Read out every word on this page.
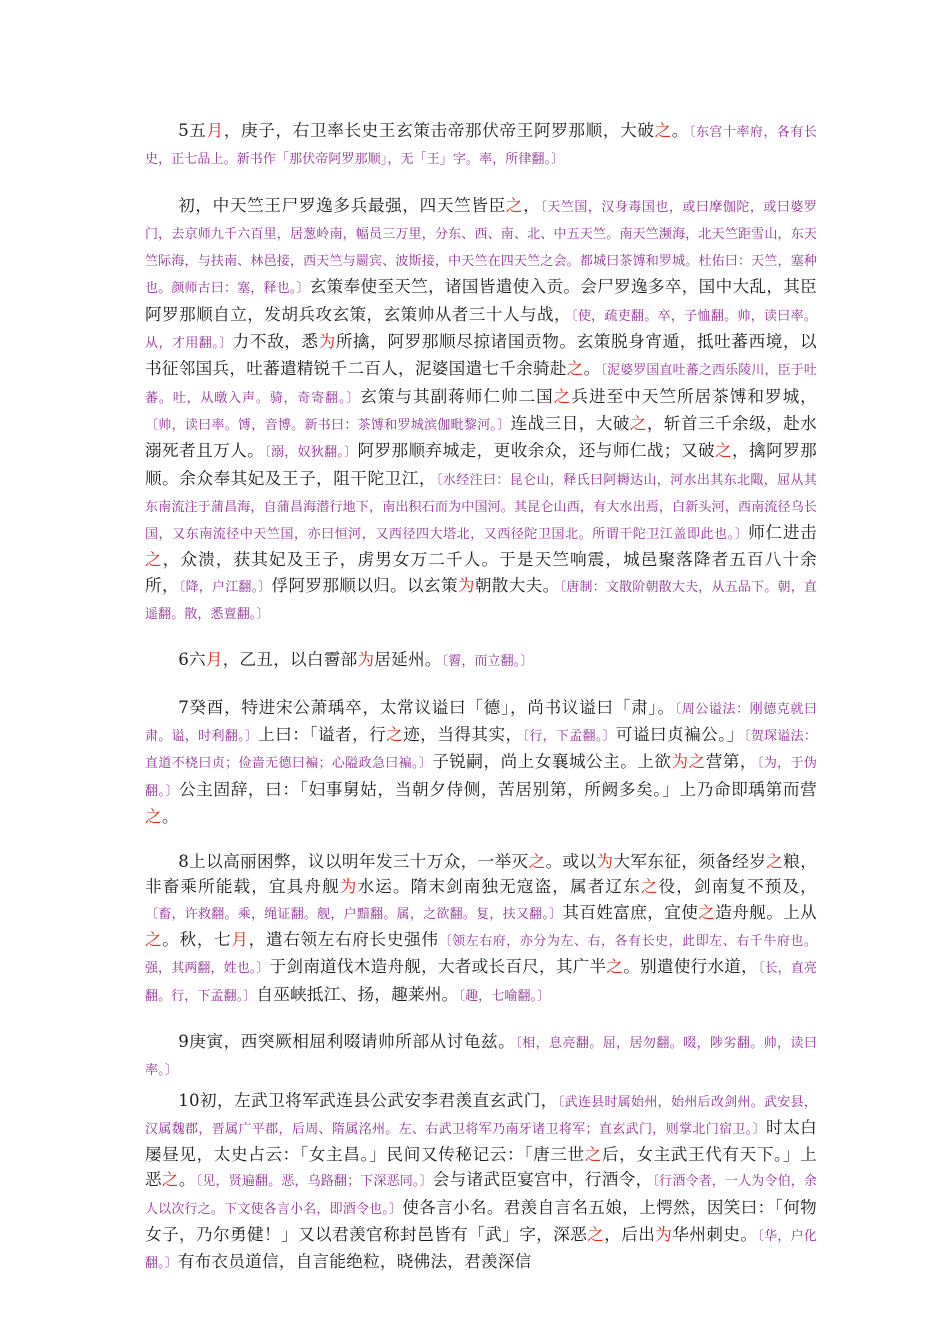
5五月，庚子，右卫率长史王玄策击帝那伏帝王阿罗那顺，大破之。〔东宫十率府，各有长史，正七品上。新书作「那伏帝阿罗那顺」，无「王」字。率，所律翻。〕

初，中天竺王尸罗逸多兵最强，四天竺皆臣之，〔天竺国，汉身毒国也，或曰摩伽陀，或曰婆罗门，去京师九千六百里，居葱岭南，幅员三万里，分东、西、南、北、中五天竺。南天竺濒海，北天竺距雪山，东天竺际海，与扶南、林邑接，西天竺与罽宾、波斯接，中天竺在四天竺之会。都城曰茶馎和罗城。杜佑曰：天竺，塞种也。颜师古曰：塞，释也。〕玄策奉使至天竺，诸国皆遣使入贡。会尸罗逸多卒，国中大乱，其臣阿罗那顺自立，发胡兵攻玄策，玄策帅从者三十人与战，〔使，疏吏翻。卒，子恤翻。帅，读曰率。从，才用翻。〕力不敌，悉为所擒，阿罗那顺尽掠诸国贡物。玄策脱身宵遁，抵吐蕃西境，以书征邻国兵，吐蕃遣精锐千二百人，泥婆国遣七千余骑赴之。〔泥婆罗国直吐蕃之西乐陵川，臣于吐蕃。吐，从暾入声。骑，奇寄翻。〕玄策与其副蒋师仁帅二国之兵进至中天竺所居茶馎和罗城，〔帅，读曰率。馎，音博。新书曰：茶馎和罗城滨伽毗黎河。〕连战三日，大破之，斩首三千余级，赴水溺死者且万人。〔溺，奴狄翻。〕阿罗那顺弃城走，更收余众，还与师仁战；又破之，擒阿罗那顺。余众奉其妃及王子，阻干陀卫江，〔水经注曰：昆仑山，释氏曰阿耨达山，河水出其东北陬，屈从其东南流注于蒲昌海，自蒲昌海潜行地下，南出积石而为中国河。其昆仑山西，有大水出焉，白新头河，西南流径乌长国，又东南流径中天竺国，亦曰恒河，又西径四大塔北，又西径陀卫国北。所谓干陀卫江盖即此也。〕师仁进击之，众溃，获其妃及王子，虏男女万二千人。于是天竺响震，城邑聚落降者五百八十余所，〔降，户江翻。〕俘阿罗那顺以归。以玄策为朝散大夫。〔唐制：文散阶朝散大夫，从五品下。朝，直遥翻。散，悉亶翻。〕

6六月，乙丑，以白霫部为居延州。〔霫，而立翻。〕

7癸酉，特进宋公萧瑀卒，太常议谥曰「德」，尚书议谥曰「肃」。〔周公谥法：刚德克就曰肃。谥，时利翻。〕上曰：「谥者，行之迹，当得其实，〔行，下孟翻。〕可谥曰贞褊公。」〔贺琛谥法：直道不桡曰贞；俭啬无德曰褊；心隘政急曰褊。〕子锐嗣，尚上女襄城公主。上欲为之营第，〔为，于伪翻。〕公主固辞，曰：「妇事舅姑，当朝夕侍侧，苦居别第，所阙多矣。」上乃命即瑀第而营之。

8上以高丽困弊，议以明年发三十万众，一举灭之。或以为大军东征，须备经岁之粮，非畜乘所能载，宜具舟舰为水运。隋末剑南独无寇盗，属者辽东之役，剑南复不预及，〔畜，许救翻。乘，绳证翻。舰，户黯翻。属，之欲翻。复，扶又翻。〕其百姓富庶，宜使之造舟舰。上从之。秋，七月，遣右领左右府长史强伟〔领左右府，亦分为左、右，各有长史，此即左、右千牛府也。强，其两翻，姓也。〕于剑南道伐木造舟舰，大者或长百尺，其广半之。别遣使行水道，〔长，直亮翻。行，下孟翻。〕自巫峡抵江、扬，趣莱州。〔趣，七喻翻。〕

9庚寅，西突厥相屈利啜请帅所部从讨龟兹。〔相，息亮翻。屈，居勿翻。啜，陟劣翻。帅，读曰率。〕

10初，左武卫将军武连县公武安李君羡直玄武门，〔武连县时属始州，始州后改剑州。武安县，汉属魏郡，晋属广平郡，后周、隋属洺州。左、右武卫将军乃南牙诸卫将军；直玄武门，则掌北门宿卫。〕时太白屡昼见，太史占云：「女主昌。」民间又传秘记云：「唐三世之后，女主武王代有天下。」上恶之。〔见，贤遍翻。恶，乌路翻；下深恶同。〕会与诸武臣宴宫中，行酒令，〔行酒令者，一人为令伯，余人以次行之。下文使各言小名，即酒令也。〕使各言小名。君羡自言名五娘，上愕然，因笑曰：「何物女子，乃尔勇健！」又以君羡官称封邑皆有「武」字，深恶之，后出为华州刺史。〔华，户化翻。〕有布衣员道信，自言能绝粒，晓佛法，君羡深信
